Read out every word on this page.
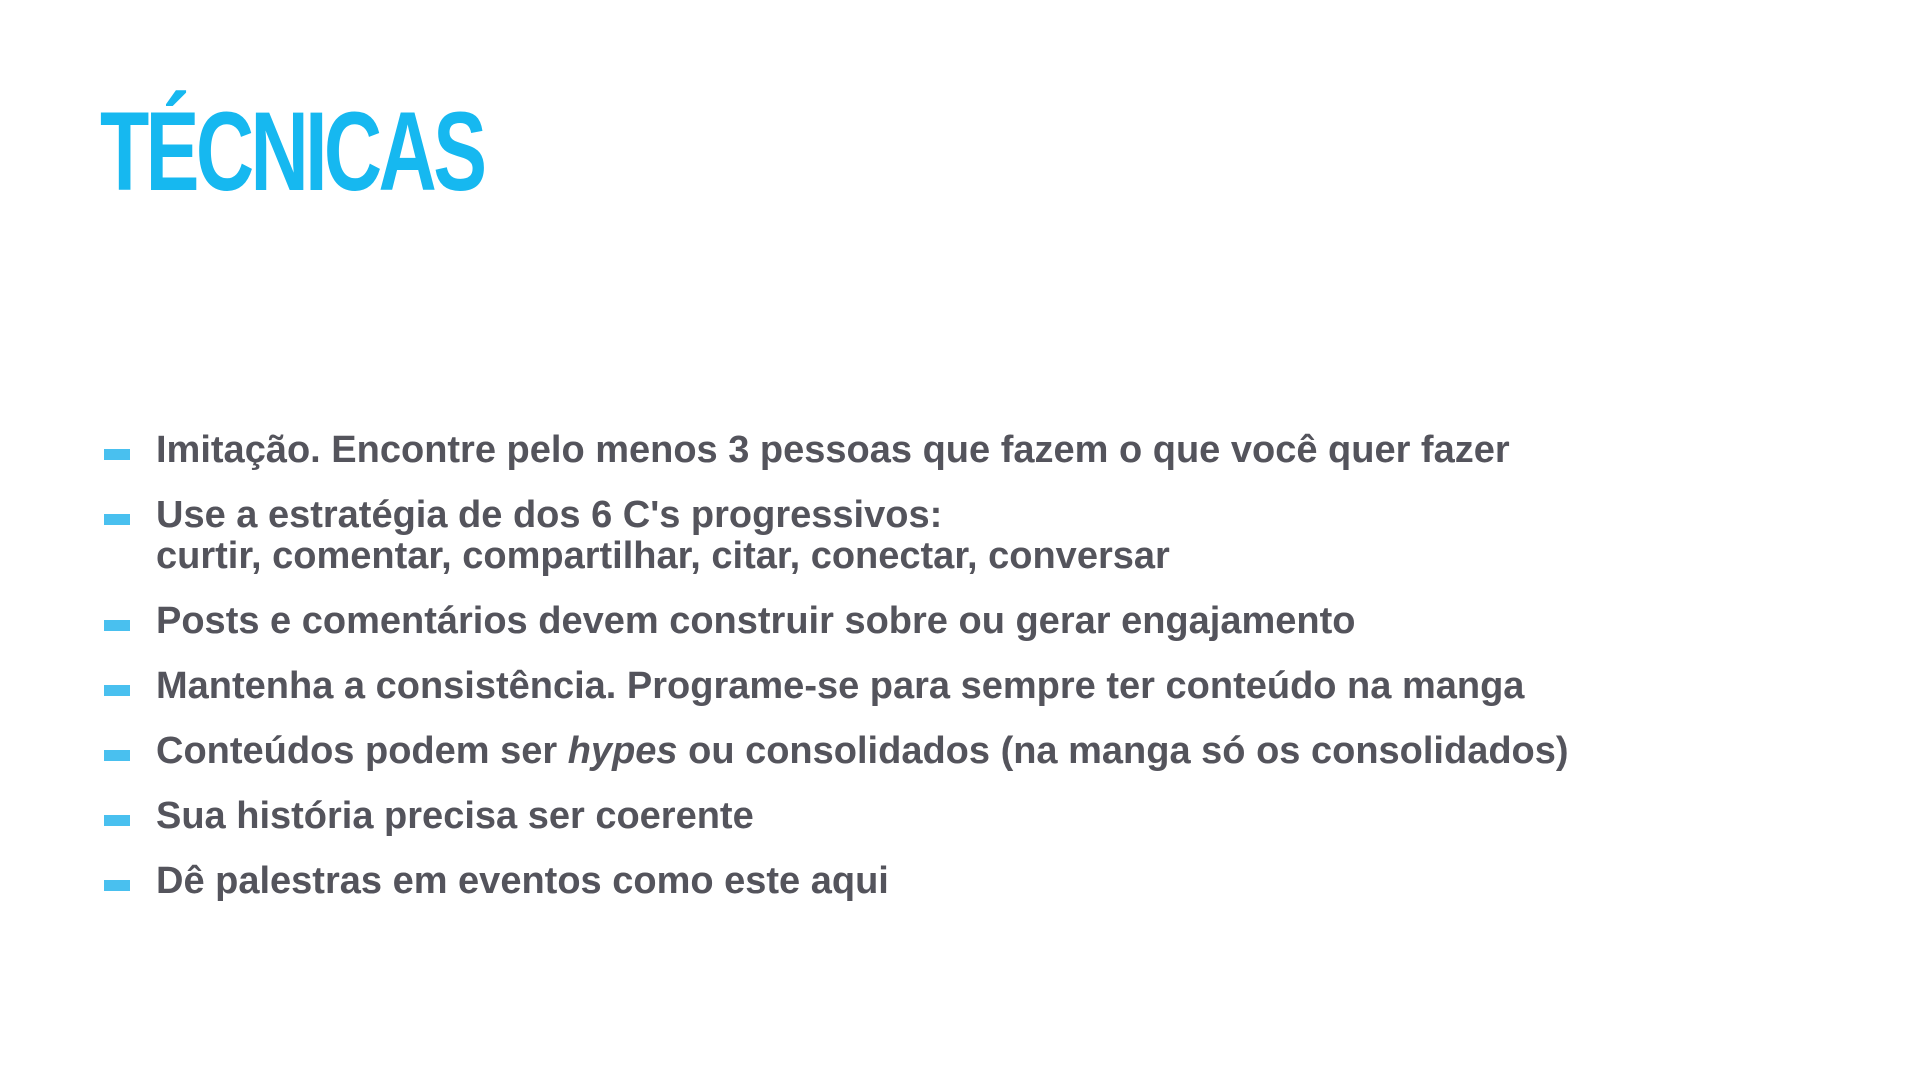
TÉCNICAS
Imitação. Encontre pelo menos 3 pessoas que fazem o que você quer fazer
Use a estratégia de dos 6 C's progressivos:
curtir, comentar, compartilhar, citar, conectar, conversar
Posts e comentários devem construir sobre ou gerar engajamento
Mantenha a consistência. Programe-se para sempre ter conteúdo na manga
Conteúdos podem ser hypes ou consolidados (na manga só os consolidados)
Sua história precisa ser coerente
Dê palestras em eventos como este aqui
